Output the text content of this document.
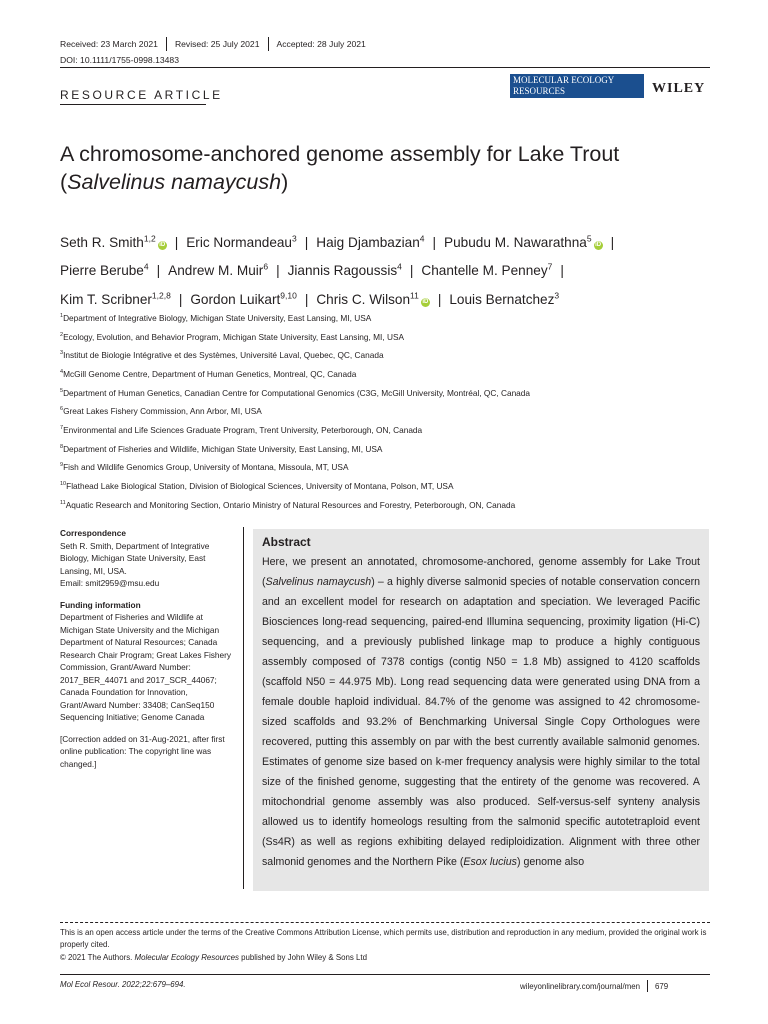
Received: 23 March 2021 Revised: 25 July 2021 Accepted: 28 July 2021
DOI: 10.1111/1755-0998.13483
RESOURCE ARTICLE
MOLECULAR ECOLOGY
RESOURCES	WILEY
A chromosome-anchored genome assembly for Lake Trout
(Salvelinus namaycush)
Seth R. Smith$^{1,2}$iD | Eric Normandeau$^3$ | Haig Djambazian$^4$ | Pubudu M. Nawarathna$^5$iD |
Pierre Berube$^4$ | Andrew M. Muir$^6$ | Jiannis Ragoussis$^4$ | Chantelle M. Penney$^7$ |
Kim T. Scribner$^{1,2,8}$ | Gordon Luikart$^{9,10}$ | Chris C. Wilson$^{11}$iD | Louis Bernatchez$^3$
$^1$Department of Integrative Biology, Michigan State University, East Lansing, MI, USA
$^2$Ecology, Evolution, and Behavior Program, Michigan State University, East Lansing, MI, USA
$^3$Institut de Biologie Intégrative et des Systèmes, Université Laval, Quebec, QC, Canada
$^4$McGill Genome Centre, Department of Human Genetics, Montreal, QC, Canada
$^5$Department of Human Genetics, Canadian Centre for Computational Genomics (C3G, McGill University, Montréal, QC, Canada
$^6$Great Lakes Fishery Commission, Ann Arbor, MI, USA
$^7$Environmental and Life Sciences Graduate Program, Trent University, Peterborough, ON, Canada
$^8$Department of Fisheries and Wildlife, Michigan State University, East Lansing, MI, USA
$^9$Fish and Wildlife Genomics Group, University of Montana, Missoula, MT, USA
$^{10}$Flathead Lake Biological Station, Division of Biological Sciences, University of Montana, Polson, MT, USA
$^{11}$Aquatic Research and Monitoring Section, Ontario Ministry of Natural Resources and Forestry, Peterborough, ON, Canada
Correspondence
Seth R. Smith, Department of Integrative Biology, Michigan State University, East Lansing, MI, USA.
Email: smit2959@msu.edu
Funding information
Department of Fisheries and Wildlife at Michigan State University and the Michigan Department of Natural Resources; Canada Research Chair Program; Great Lakes Fishery Commission, Grant/Award Number: 2017_BER_44071 and 2017_SCR_44067; Canada Foundation for Innovation, Grant/Award Number: 33408; CanSeq150 Sequencing Initiative; Genome Canada
[Correction added on 31-Aug-2021, after first online publication: The copyright line was changed.]
Abstract
Here, we present an annotated, chromosome-anchored, genome assembly for Lake Trout (Salvelinus namaycush) – a highly diverse salmonid species of notable conservation concern and an excellent model for research on adaptation and speciation. We leveraged Pacific Biosciences long-read sequencing, paired-end Illumina sequencing, proximity ligation (Hi-C) sequencing, and a previously published linkage map to produce a highly contiguous assembly composed of 7378 contigs (contig N50 = 1.8 Mb) assigned to 4120 scaffolds (scaffold N50 = 44.975 Mb). Long read sequencing data were generated using DNA from a female double haploid individual. 84.7% of the genome was assigned to 42 chromosome-sized scaffolds and 93.2% of Benchmarking Universal Single Copy Orthologues were recovered, putting this assembly on par with the best currently available salmonid genomes. Estimates of genome size based on k-mer frequency analysis were highly similar to the total size of the finished genome, suggesting that the entirety of the genome was recovered. A mitochondrial genome assembly was also produced. Self-versus-self synteny analysis allowed us to identify homeologs resulting from the salmonid specific autotetraploid event (Ss4R) as well as regions exhibiting delayed rediploidization. Alignment with three other salmonid genomes and the Northern Pike (Esox lucius) genome also
This is an open access article under the terms of the Creative Commons Attribution License, which permits use, distribution and reproduction in any medium, provided the original work is properly cited.
© 2021 The Authors. Molecular Ecology Resources published by John Wiley & Sons Ltd
Mol Ecol Resour. 2022;22:679–694.	wileyonlinelibrary.com/journal/men 679
